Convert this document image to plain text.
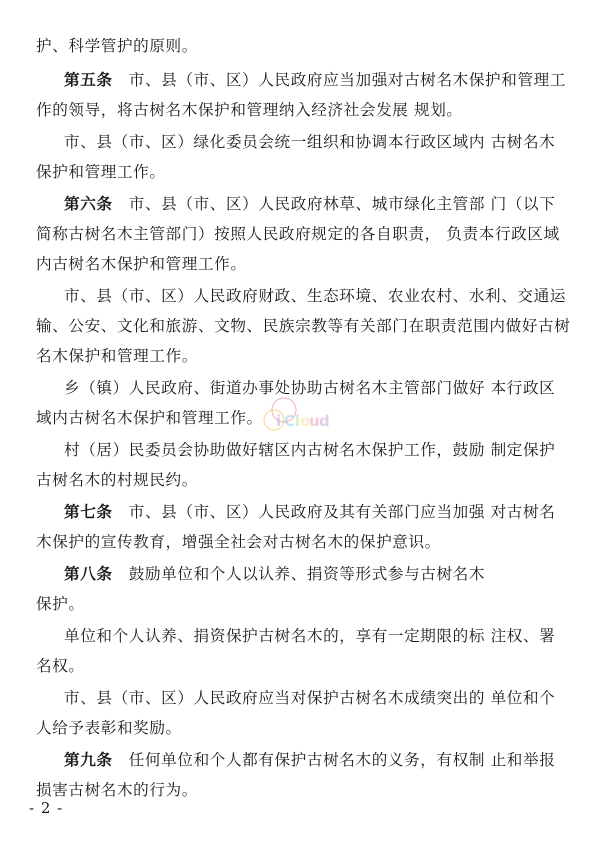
护、科学管护的原则。
第五条　市、县（市、区）人民政府应当加强对古树名木保护和管理工
作的领导，将古树名木保护和管理纳入经济社会发展 规划。
市、县（市、区）绿化委员会统一组织和协调本行政区域内 古树名木
保护和管理工作。
第六条　市、县（市、区）人民政府林草、城市绿化主管部 门（以下
简称古树名木主管部门）按照人民政府规定的各自职责， 负责本行政区域
内古树名木保护和管理工作。
市、县（市、区）人民政府财政、生态环境、农业农村、水利、交通运
输、公安、文化和旅游、文物、民族宗教等有关部门在职责范围内做好古树
名木保护和管理工作。
乡（镇）人民政府、街道办事处协助古树名木主管部门做好 本行政区
域内古树名木保护和管理工作。
村（居）民委员会协助做好辖区内古树名木保护工作，鼓励 制定保护
古树名木的村规民约。
第七条　市、县（市、区）人民政府及其有关部门应当加强 对古树名
木保护的宣传教育，增强全社会对古树名木的保护意识。
第八条　鼓励单位和个人以认养、捐资等形式参与古树名木
保护。
单位和个人认养、捐资保护古树名木的，享有一定期限的标 注权、署
名权。
市、县（市、区）人民政府应当对保护古树名木成绩突出的 单位和个
人给予表彰和奖励。
第九条　任何单位和个人都有保护古树名木的义务，有权制 止和举报
损害古树名木的行为。
i C l o
u d
- 2 -
